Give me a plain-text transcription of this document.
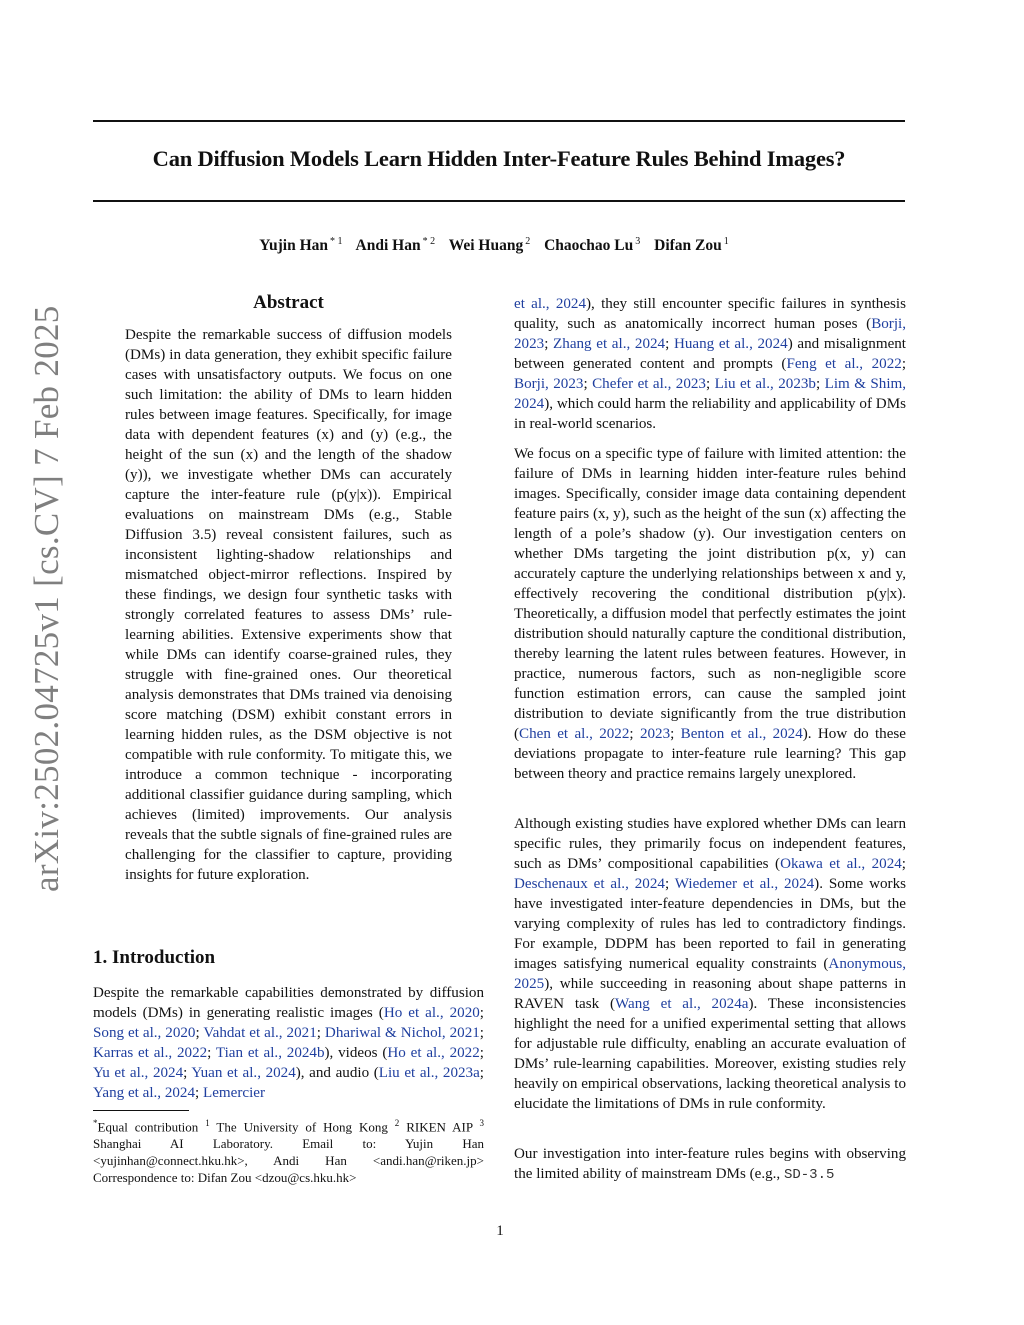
Can Diffusion Models Learn Hidden Inter-Feature Rules Behind Images?
Yujin Han $^{* 1}$ Andi Han $^{* 2}$ Wei Huang $^2$ Chaochao Lu $^3$ Difan Zou $^1$
arXiv:2502.04725v1 [cs.CV] 7 Feb 2025
Abstract

Despite the remarkable success of diffusion models (DMs) in data generation, they exhibit specific failure cases with unsatisfactory outputs. We focus on one such limitation: the ability of DMs to learn hidden rules between image features. Specifically, for image data with dependent features (x) and (y) (e.g., the height of the sun (x) and the length of the shadow (y)), we investigate whether DMs can accurately capture the inter-feature rule (p(y|x)). Empirical evaluations on mainstream DMs (e.g., Stable Diffusion 3.5) reveal consistent failures, such as inconsistent lighting-shadow relationships and mismatched object-mirror reflections. Inspired by these findings, we design four synthetic tasks with strongly correlated features to assess DMs’ rule-learning abilities. Extensive experiments show that while DMs can identify coarse-grained rules, they struggle with fine-grained ones. Our theoretical analysis demonstrates that DMs trained via denoising score matching (DSM) exhibit constant errors in learning hidden rules, as the DSM objective is not compatible with rule conformity. To mitigate this, we introduce a common technique - incorporating additional classifier guidance during sampling, which achieves (limited) improvements. Our analysis reveals that the subtle signals of fine-grained rules are challenging for the classifier to capture, providing insights for future exploration.

1. Introduction

Despite the remarkable capabilities demonstrated by diffusion models (DMs) in generating realistic images (Ho et al., 2020; Song et al., 2020; Vahdat et al., 2021; Dhariwal & Nichol, 2021; Karras et al., 2022; Tian et al., 2024b), videos (Ho et al., 2022; Yu et al., 2024; Yuan et al., 2024), and audio (Liu et al., 2023a; Yang et al., 2024; Lemercier

*Equal contribution $^1$ The University of Hong Kong $^2$ RIKEN AIP $^3$ Shanghai AI Laboratory. Email to: Yujin Han <yujinhan@connect.hku.hk>, Andi Han <andi.han@riken.jp> Correspondence to: Difan Zou <dzou@cs.hku.hk>

et al., 2024), they still encounter specific failures in synthesis quality, such as anatomically incorrect human poses (Borji, 2023; Zhang et al., 2024; Huang et al., 2024) and misalignment between generated content and prompts (Feng et al., 2022; Borji, 2023; Chefer et al., 2023; Liu et al., 2023b; Lim & Shim, 2024), which could harm the reliability and applicability of DMs in real-world scenarios.

We focus on a specific type of failure with limited attention: the failure of DMs in learning hidden inter-feature rules behind images. Specifically, consider image data containing dependent feature pairs (x, y), such as the height of the sun (x) affecting the length of a pole’s shadow (y). Our investigation centers on whether DMs targeting the joint distribution p(x, y) can accurately capture the underlying relationships between x and y, effectively recovering the conditional distribution p(y|x). Theoretically, a diffusion model that perfectly estimates the joint distribution should naturally capture the conditional distribution, thereby learning the latent rules between features. However, in practice, numerous factors, such as non-negligible score function estimation errors, can cause the sampled joint distribution to deviate significantly from the true distribution (Chen et al., 2022; 2023; Benton et al., 2024). How do these deviations propagate to inter-feature rule learning? This gap between theory and practice remains largely unexplored.

Although existing studies have explored whether DMs can learn specific rules, they primarily focus on independent features, such as DMs’ compositional capabilities (Okawa et al., 2024; Deschenaux et al., 2024; Wiedemer et al., 2024). Some works have investigated inter-feature dependencies in DMs, but the varying complexity of rules has led to contradictory findings. For example, DDPM has been reported to fail in generating images satisfying numerical equality constraints (Anonymous, 2025), while succeeding in reasoning about shape patterns in RAVEN task (Wang et al., 2024a). These inconsistencies highlight the need for a unified experimental setting that allows for adjustable rule difficulty, enabling an accurate evaluation of DMs’ rule-learning capabilities. Moreover, existing studies rely heavily on empirical observations, lacking theoretical analysis to elucidate the limitations of DMs in rule conformity.

Our investigation into inter-feature rules begins with observing the limited ability of mainstream DMs (e.g., SD-3.5

1
